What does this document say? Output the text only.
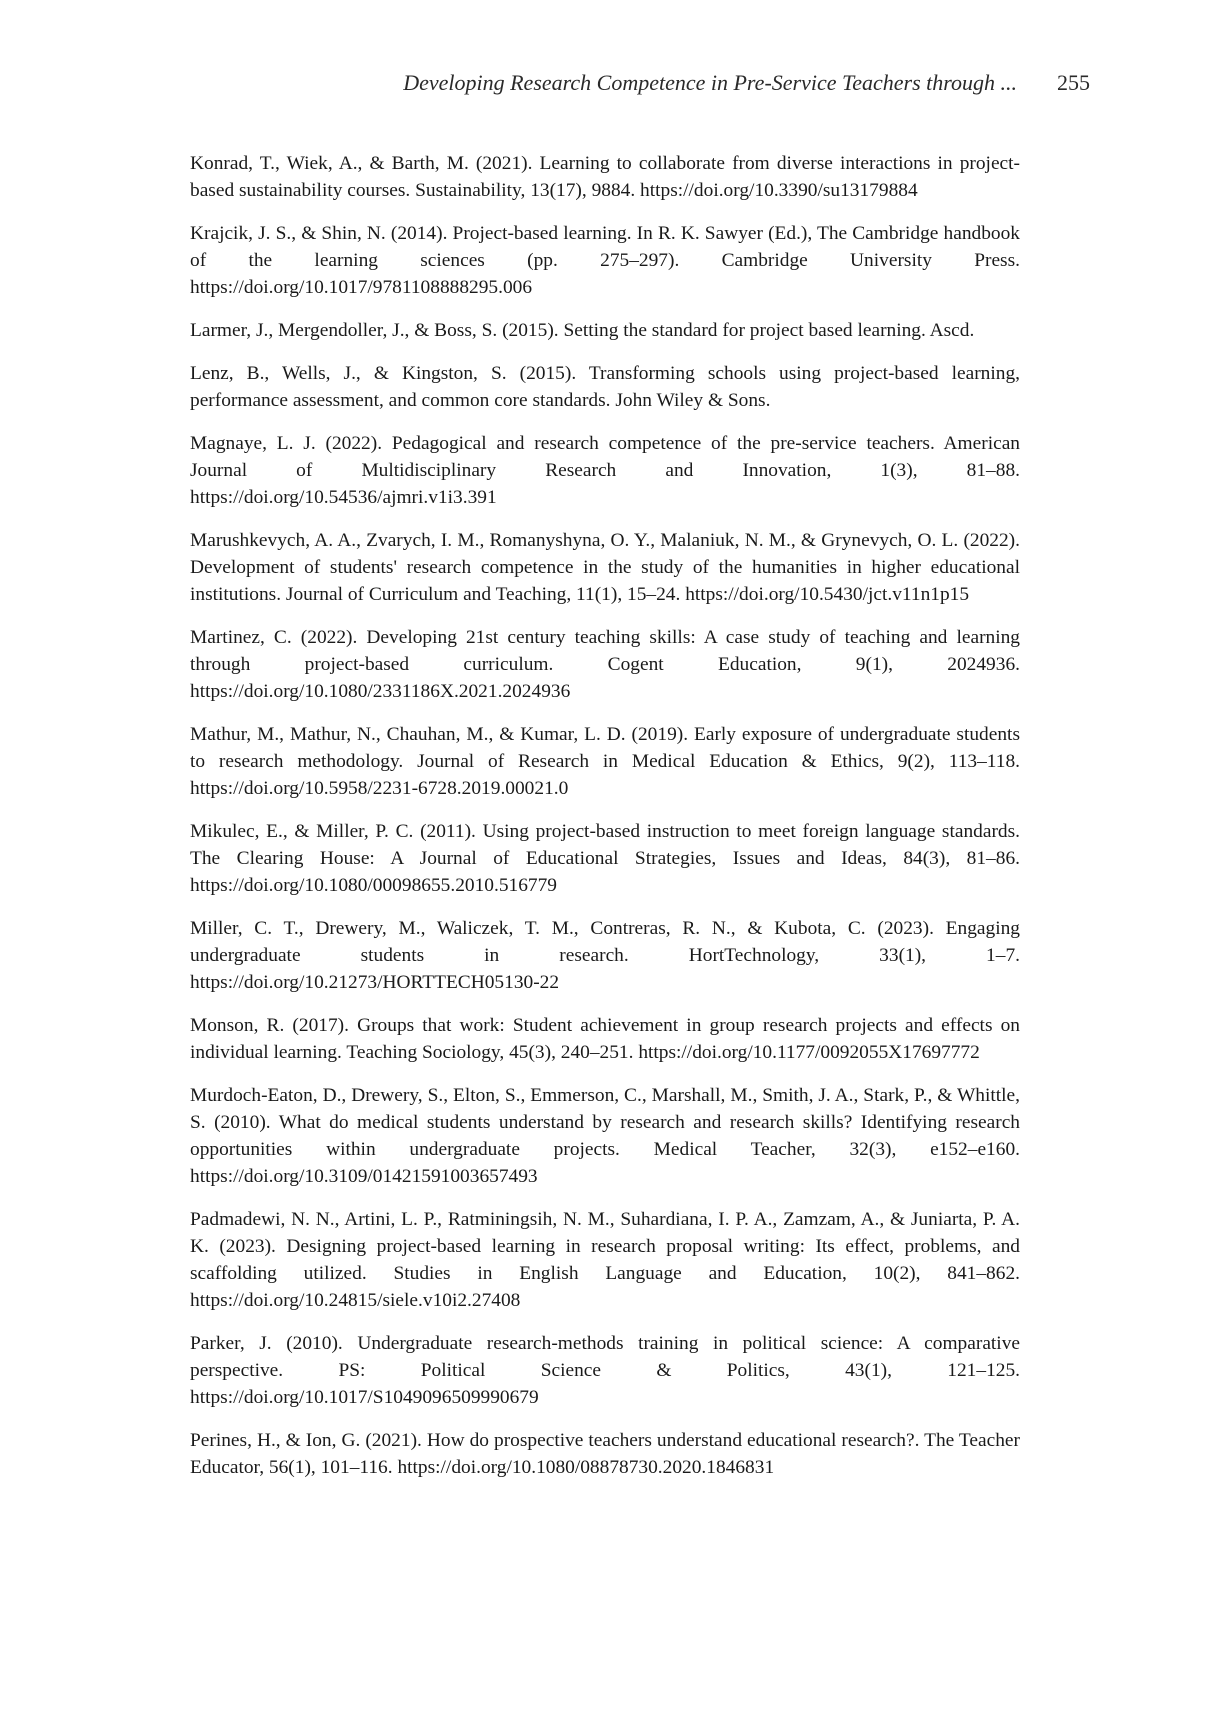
Developing Research Competence in Pre-Service Teachers through ... 255

Konrad, T., Wiek, A., & Barth, M. (2021). Learning to collaborate from diverse interactions in project-based sustainability courses. Sustainability, 13(17), 9884. https://doi.org/10.3390/su13179884

Krajcik, J. S., & Shin, N. (2014). Project-based learning. In R. K. Sawyer (Ed.), The Cambridge handbook of the learning sciences (pp. 275–297). Cambridge University Press. https://doi.org/10.1017/9781108888295.006

Larmer, J., Mergendoller, J., & Boss, S. (2015). Setting the standard for project based learning. Ascd.

Lenz, B., Wells, J., & Kingston, S. (2015). Transforming schools using project-based learning, performance assessment, and common core standards. John Wiley & Sons.

Magnaye, L. J. (2022). Pedagogical and research competence of the pre-service teachers. American Journal of Multidisciplinary Research and Innovation, 1(3), 81–88. https://doi.org/10.54536/ajmri.v1i3.391

Marushkevych, A. A., Zvarych, I. M., Romanyshyna, O. Y., Malaniuk, N. M., & Grynevych, O. L. (2022). Development of students' research competence in the study of the humanities in higher educational institutions. Journal of Curriculum and Teaching, 11(1), 15–24. https://doi.org/10.5430/jct.v11n1p15

Martinez, C. (2022). Developing 21st century teaching skills: A case study of teaching and learning through project-based curriculum. Cogent Education, 9(1), 2024936. https://doi.org/10.1080/2331186X.2021.2024936

Mathur, M., Mathur, N., Chauhan, M., & Kumar, L. D. (2019). Early exposure of undergraduate students to research methodology. Journal of Research in Medical Education & Ethics, 9(2), 113–118. https://doi.org/10.5958/2231-6728.2019.00021.0

Mikulec, E., & Miller, P. C. (2011). Using project-based instruction to meet foreign language standards. The Clearing House: A Journal of Educational Strategies, Issues and Ideas, 84(3), 81–86. https://doi.org/10.1080/00098655.2010.516779

Miller, C. T., Drewery, M., Waliczek, T. M., Contreras, R. N., & Kubota, C. (2023). Engaging undergraduate students in research. HortTechnology, 33(1), 1–7. https://doi.org/10.21273/HORTTECH05130-22

Monson, R. (2017). Groups that work: Student achievement in group research projects and effects on individual learning. Teaching Sociology, 45(3), 240–251. https://doi.org/10.1177/0092055X17697772

Murdoch-Eaton, D., Drewery, S., Elton, S., Emmerson, C., Marshall, M., Smith, J. A., Stark, P., & Whittle, S. (2010). What do medical students understand by research and research skills? Identifying research opportunities within undergraduate projects. Medical Teacher, 32(3), e152–e160. https://doi.org/10.3109/01421591003657493

Padmadewi, N. N., Artini, L. P., Ratminingsih, N. M., Suhardiana, I. P. A., Zamzam, A., & Juniarta, P. A. K. (2023). Designing project-based learning in research proposal writing: Its effect, problems, and scaffolding utilized. Studies in English Language and Education, 10(2), 841–862. https://doi.org/10.24815/siele.v10i2.27408

Parker, J. (2010). Undergraduate research-methods training in political science: A comparative perspective. PS: Political Science & Politics, 43(1), 121–125. https://doi.org/10.1017/S1049096509990679

Perines, H., & Ion, G. (2021). How do prospective teachers understand educational research?. The Teacher Educator, 56(1), 101–116. https://doi.org/10.1080/08878730.2020.1846831
